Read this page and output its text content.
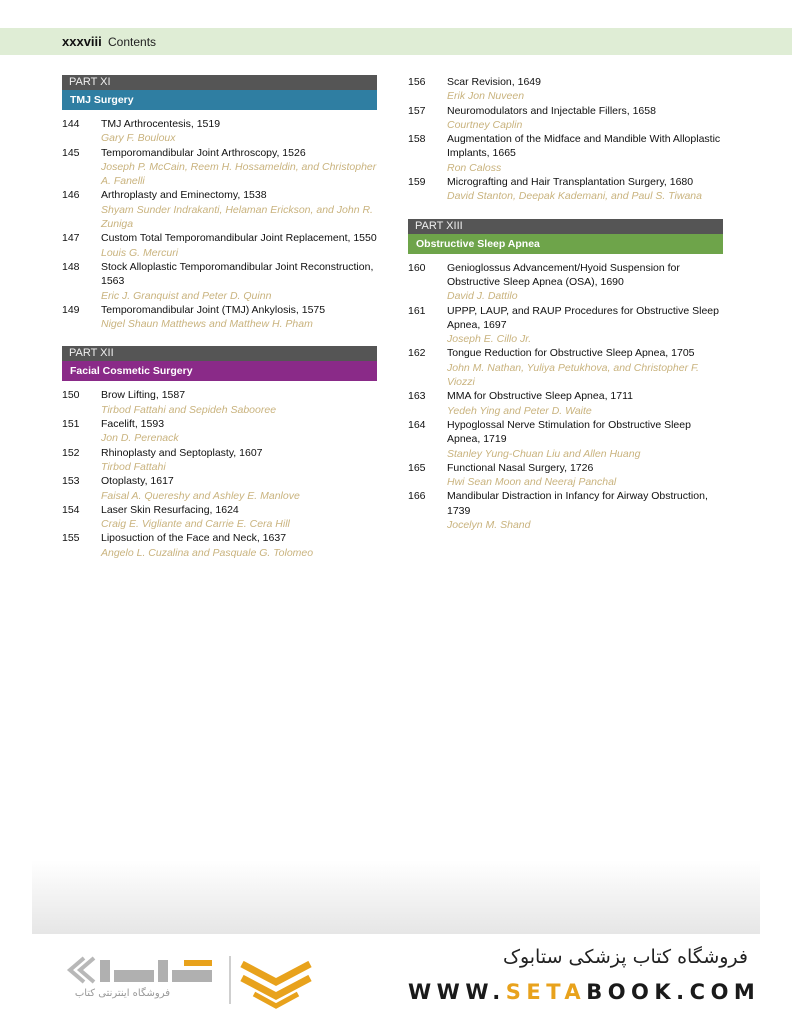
xxxviii Contents
PART XI
TMJ Surgery
144	TMJ Arthrocentesis, 1519
Gary F. Bouloux
145	Temporomandibular Joint Arthroscopy, 1526
Joseph P. McCain, Reem H. Hossameldin, and Christopher A. Fanelli
146	Arthroplasty and Eminectomy, 1538
Shyam Sunder Indrakanti, Helaman Erickson, and John R. Zuniga
147	Custom Total Temporomandibular Joint Replacement, 1550
Louis G. Mercuri
148	Stock Alloplastic Temporomandibular Joint Reconstruction, 1563
Eric J. Granquist and Peter D. Quinn
149	Temporomandibular Joint (TMJ) Ankylosis, 1575
Nigel Shaun Matthews and Matthew H. Pham
PART XII
Facial Cosmetic Surgery
150	Brow Lifting, 1587
Tirbod Fattahi and Sepideh Sabooree
151	Facelift, 1593
Jon D. Perenack
152	Rhinoplasty and Septoplasty, 1607
Tirbod Fattahi
153	Otoplasty, 1617
Faisal A. Quereshy and Ashley E. Manlove
154	Laser Skin Resurfacing, 1624
Craig E. Vigliante and Carrie E. Cera Hill
155	Liposuction of the Face and Neck, 1637
Angelo L. Cuzalina and Pasquale G. Tolomeo
156	Scar Revision, 1649
Erik Jon Nuveen
157	Neuromodulators and Injectable Fillers, 1658
Courtney Caplin
158	Augmentation of the Midface and Mandible With Alloplastic Implants, 1665
Ron Caloss
159	Micrografting and Hair Transplantation Surgery, 1680
David Stanton, Deepak Kademani, and Paul S. Tiwana
PART XIII
Obstructive Sleep Apnea
160	Genioglossus Advancement/Hyoid Suspension for Obstructive Sleep Apnea (OSA), 1690
David J. Dattilo
161	UPPP, LAUP, and RAUP Procedures for Obstructive Sleep Apnea, 1697
Joseph E. Cillo Jr.
162	Tongue Reduction for Obstructive Sleep Apnea, 1705
John M. Nathan, Yuliya Petukhova, and Christopher F. Viozzi
163	MMA for Obstructive Sleep Apnea, 1711
Yedeh Ying and Peter D. Waite
164	Hypoglossal Nerve Stimulation for Obstructive Sleep Apnea, 1719
Stanley Yung-Chuan Liu and Allen Huang
165	Functional Nasal Surgery, 1726
Hwi Sean Moon and Neeraj Panchal
166	Mandibular Distraction in Infancy for Airway Obstruction, 1739
Jocelyn M. Shand
فروشگاه اینترنتی کتاب
فروشگاه کتاب پزشکی ستابوک
WWW.SETABOOK.COM
